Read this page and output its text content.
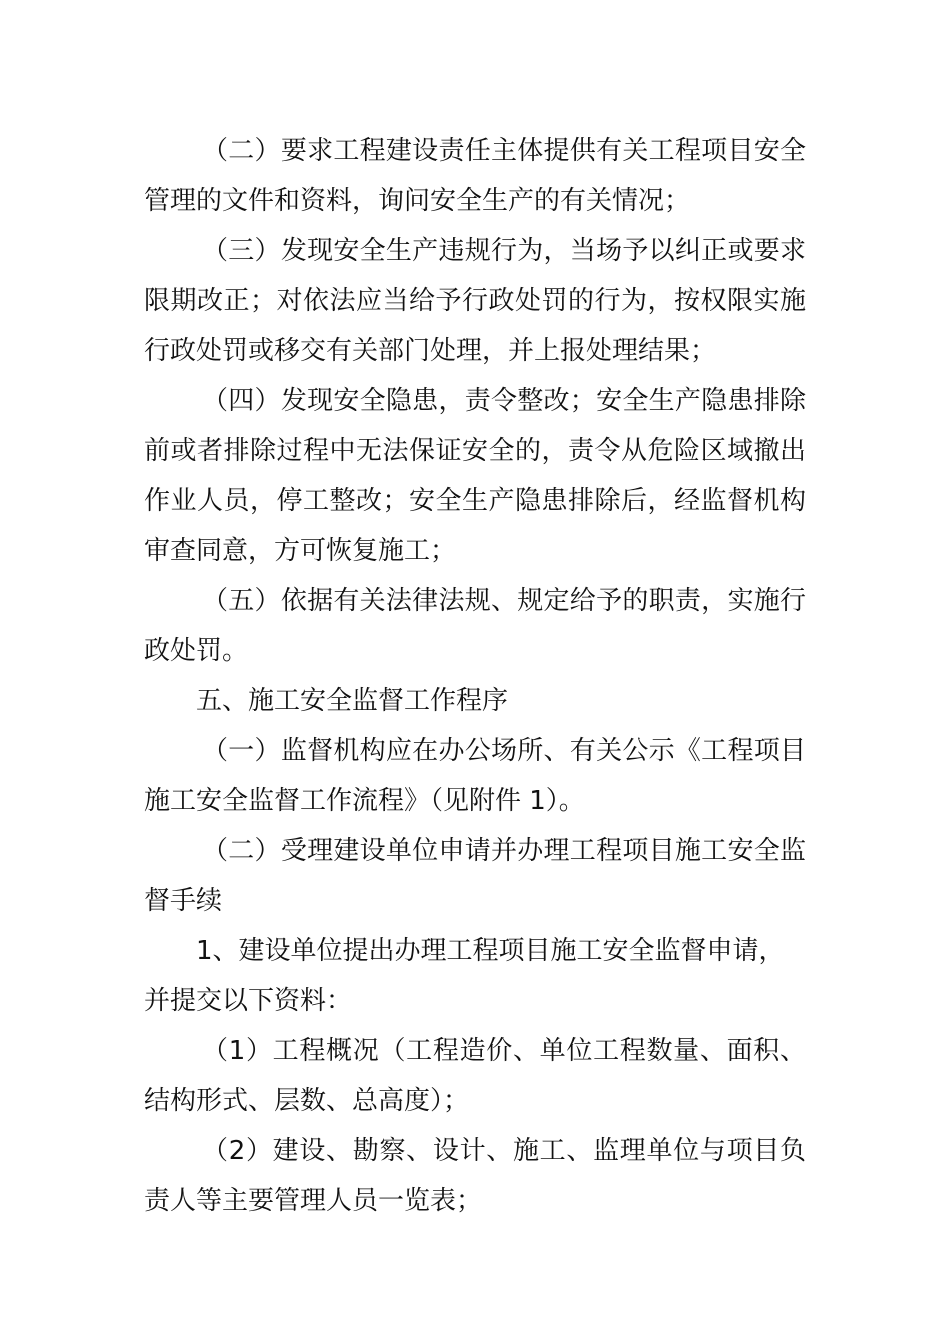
（二）要求工程建设责任主体提供有关工程项目安全管理的文件和资料，询问安全生产的有关情况；

（三）发现安全生产违规行为，当场予以纠正或要求限期改正；对依法应当给予行政处罚的行为，按权限实施行政处罚或移交有关部门处理，并上报处理结果；

（四）发现安全隐患，责令整改；安全生产隐患排除前或者排除过程中无法保证安全的，责令从危险区域撤出作业人员，停工整改；安全生产隐患排除后，经监督机构审查同意，方可恢复施工；

（五）依据有关法律法规、规定给予的职责，实施行政处罚。

五、施工安全监督工作程序

（一）监督机构应在办公场所、有关公示《工程项目施工安全监督工作流程》（见附件 1）。

（二）受理建设单位申请并办理工程项目施工安全监督手续

1、建设单位提出办理工程项目施工安全监督申请，并提交以下资料：

（1）工程概况（工程造价、单位工程数量、面积、结构形式、层数、总高度）；

（2）建设、勘察、设计、施工、监理单位与项目负责人等主要管理人员一览表；
